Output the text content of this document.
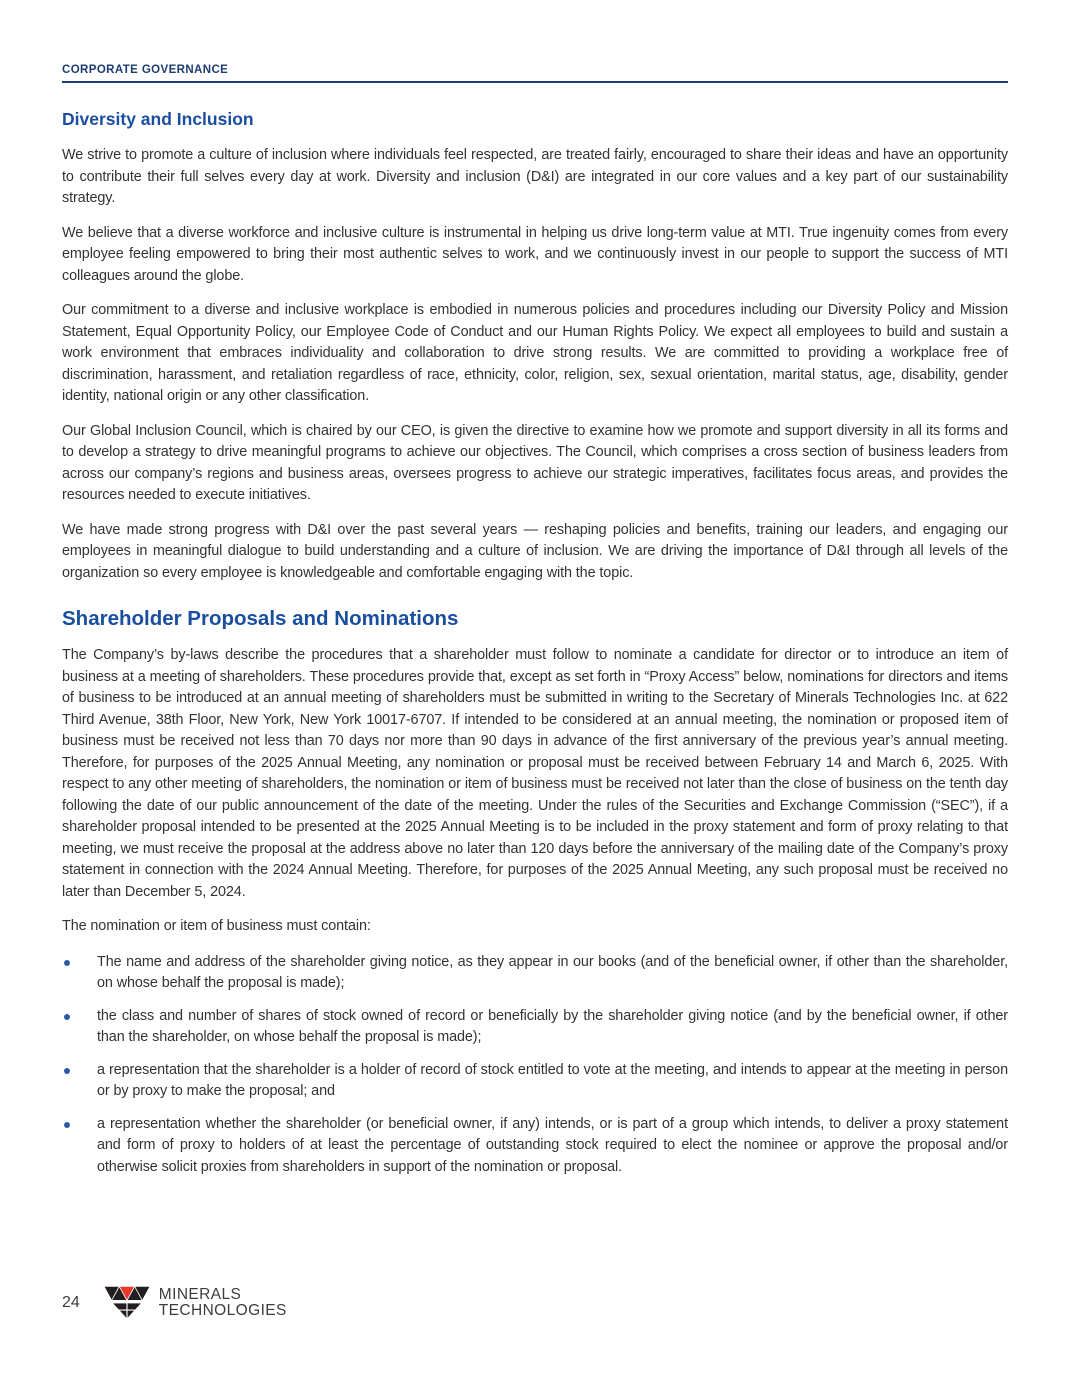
CORPORATE GOVERNANCE
Diversity and Inclusion

We strive to promote a culture of inclusion where individuals feel respected, are treated fairly, encouraged to share their ideas and have an opportunity to contribute their full selves every day at work. Diversity and inclusion (D&I) are integrated in our core values and a key part of our sustainability strategy.

We believe that a diverse workforce and inclusive culture is instrumental in helping us drive long-term value at MTI. True ingenuity comes from every employee feeling empowered to bring their most authentic selves to work, and we continuously invest in our people to support the success of MTI colleagues around the globe.

Our commitment to a diverse and inclusive workplace is embodied in numerous policies and procedures including our Diversity Policy and Mission Statement, Equal Opportunity Policy, our Employee Code of Conduct and our Human Rights Policy. We expect all employees to build and sustain a work environment that embraces individuality and collaboration to drive strong results. We are committed to providing a workplace free of discrimination, harassment, and retaliation regardless of race, ethnicity, color, religion, sex, sexual orientation, marital status, age, disability, gender identity, national origin or any other classification.

Our Global Inclusion Council, which is chaired by our CEO, is given the directive to examine how we promote and support diversity in all its forms and to develop a strategy to drive meaningful programs to achieve our objectives. The Council, which comprises a cross section of business leaders from across our company’s regions and business areas, oversees progress to achieve our strategic imperatives, facilitates focus areas, and provides the resources needed to execute initiatives.

We have made strong progress with D&I over the past several years — reshaping policies and benefits, training our leaders, and engaging our employees in meaningful dialogue to build understanding and a culture of inclusion. We are driving the importance of D&I through all levels of the organization so every employee is knowledgeable and comfortable engaging with the topic.

Shareholder Proposals and Nominations

The Company’s by-laws describe the procedures that a shareholder must follow to nominate a candidate for director or to introduce an item of business at a meeting of shareholders. These procedures provide that, except as set forth in “Proxy Access” below, nominations for directors and items of business to be introduced at an annual meeting of shareholders must be submitted in writing to the Secretary of Minerals Technologies Inc. at 622 Third Avenue, 38th Floor, New York, New York 10017-6707. If intended to be considered at an annual meeting, the nomination or proposed item of business must be received not less than 70 days nor more than 90 days in advance of the first anniversary of the previous year’s annual meeting. Therefore, for purposes of the 2025 Annual Meeting, any nomination or proposal must be received between February 14 and March 6, 2025. With respect to any other meeting of shareholders, the nomination or item of business must be received not later than the close of business on the tenth day following the date of our public announcement of the date of the meeting. Under the rules of the Securities and Exchange Commission (“SEC”), if a shareholder proposal intended to be presented at the 2025 Annual Meeting is to be included in the proxy statement and form of proxy relating to that meeting, we must receive the proposal at the address above no later than 120 days before the anniversary of the mailing date of the Company’s proxy statement in connection with the 2024 Annual Meeting. Therefore, for purposes of the 2025 Annual Meeting, any such proposal must be received no later than December 5, 2024.

The nomination or item of business must contain:

The name and address of the shareholder giving notice, as they appear in our books (and of the beneficial owner, if other than the shareholder, on whose behalf the proposal is made);
the class and number of shares of stock owned of record or beneficially by the shareholder giving notice (and by the beneficial owner, if other than the shareholder, on whose behalf the proposal is made);
a representation that the shareholder is a holder of record of stock entitled to vote at the meeting, and intends to appear at the meeting in person or by proxy to make the proposal; and
a representation whether the shareholder (or beneficial owner, if any) intends, or is part of a group which intends, to deliver a proxy statement and form of proxy to holders of at least the percentage of outstanding stock required to elect the nominee or approve the proposal and/or otherwise solicit proxies from shareholders in support of the nomination or proposal.
24	MINERALS
TECHNOLOGIES
